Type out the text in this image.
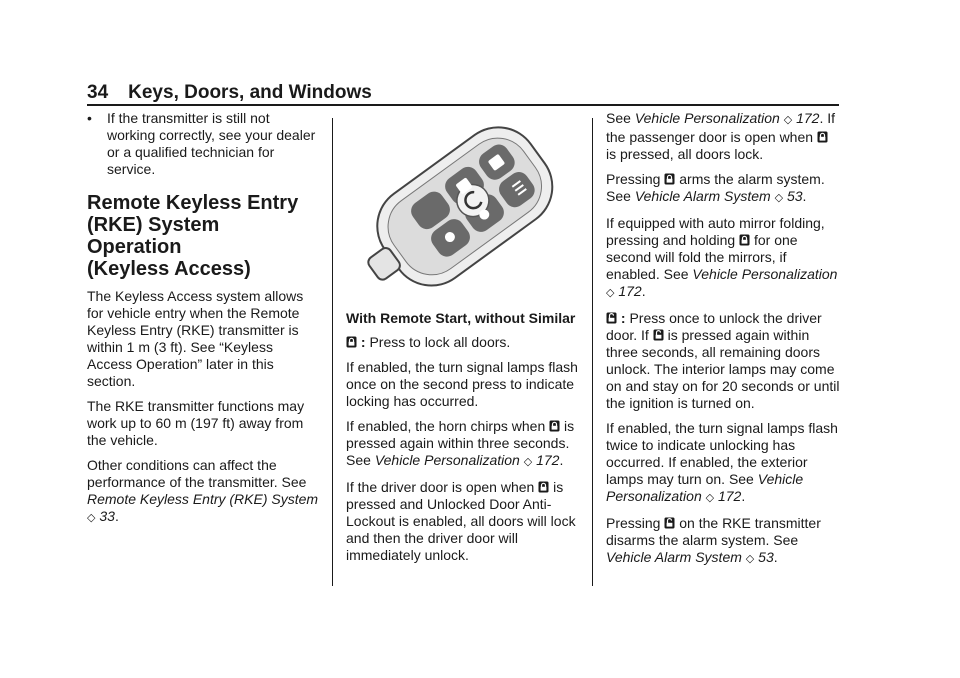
34 Keys, Doors, and Windows
•	If the transmitter is still not working correctly, see your dealer or a qualified technician for service.
Remote Keyless Entry
(RKE) System Operation
(Keyless Access)

The Keyless Access system allows for vehicle entry when the Remote Keyless Entry (RKE) transmitter is within 1 m (3 ft). See “Keyless Access Operation” later in this section.

The RKE transmitter functions may work up to 60 m (197 ft) away from the vehicle.

Other conditions can affect the performance of the transmitter. See Remote Keyless Entry (RKE) System ◇ 33.

With Remote Start, without Similar

: Press to lock all doors.

If enabled, the turn signal lamps flash once on the second press to indicate locking has occurred.

If enabled, the horn chirps when is pressed again within three seconds. See Vehicle Personalization ◇ 172.

If the driver door is open when is pressed and Unlocked Door Anti-Lockout is enabled, all doors will lock and then the driver door will immediately unlock.

See Vehicle Personalization ◇ 172. If the passenger door is open when  is pressed, all doors lock.

Pressing arms the alarm system. See Vehicle Alarm System ◇ 53.

If equipped with auto mirror folding, pressing and holding for one second will fold the mirrors, if enabled. See Vehicle Personalization ◇ 172.

: Press once to unlock the driver door. If is pressed again within three seconds, all remaining doors unlock. The interior lamps may come on and stay on for 20 seconds or until the ignition is turned on.

If enabled, the turn signal lamps flash twice to indicate unlocking has occurred. If enabled, the exterior lamps may turn on. See Vehicle Personalization ◇ 172.

Pressing on the RKE transmitter disarms the alarm system. See Vehicle Alarm System ◇ 53.
